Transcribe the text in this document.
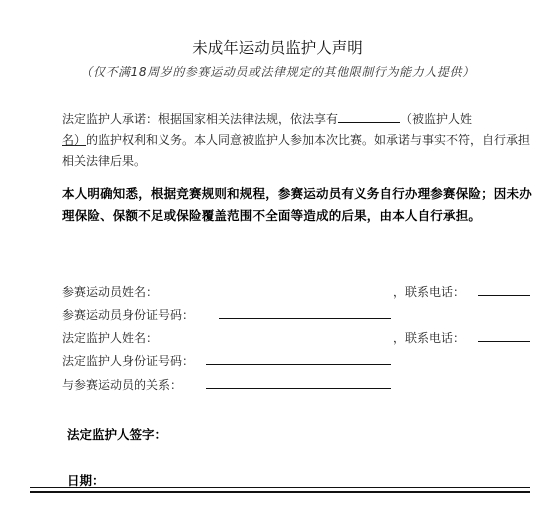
未成年运动员监护人声明
（仅不满18周岁的参赛运动员或法律规定的其他限制行为能力人提供）
法定监护人承诺：根据国家相关法律法规，依法享有	（被监护人姓
名）的监护权利和义务。本人同意被监护人参加本次比赛。如承诺与事实不符，自行承担相关法律后果。
本人明确知悉，根据竞赛规则和规程，参赛运动员有义务自行办理参赛保险；因未办理保险、保额不足或保险覆盖范围不全面等造成的后果，由本人自行承担。
参赛运动员姓名：	，联系电话：
参赛运动员身份证号码：
法定监护人姓名：	，联系电话：
法定监护人身份证号码：
与参赛运动员的关系：
法定监护人签字：
日期：
